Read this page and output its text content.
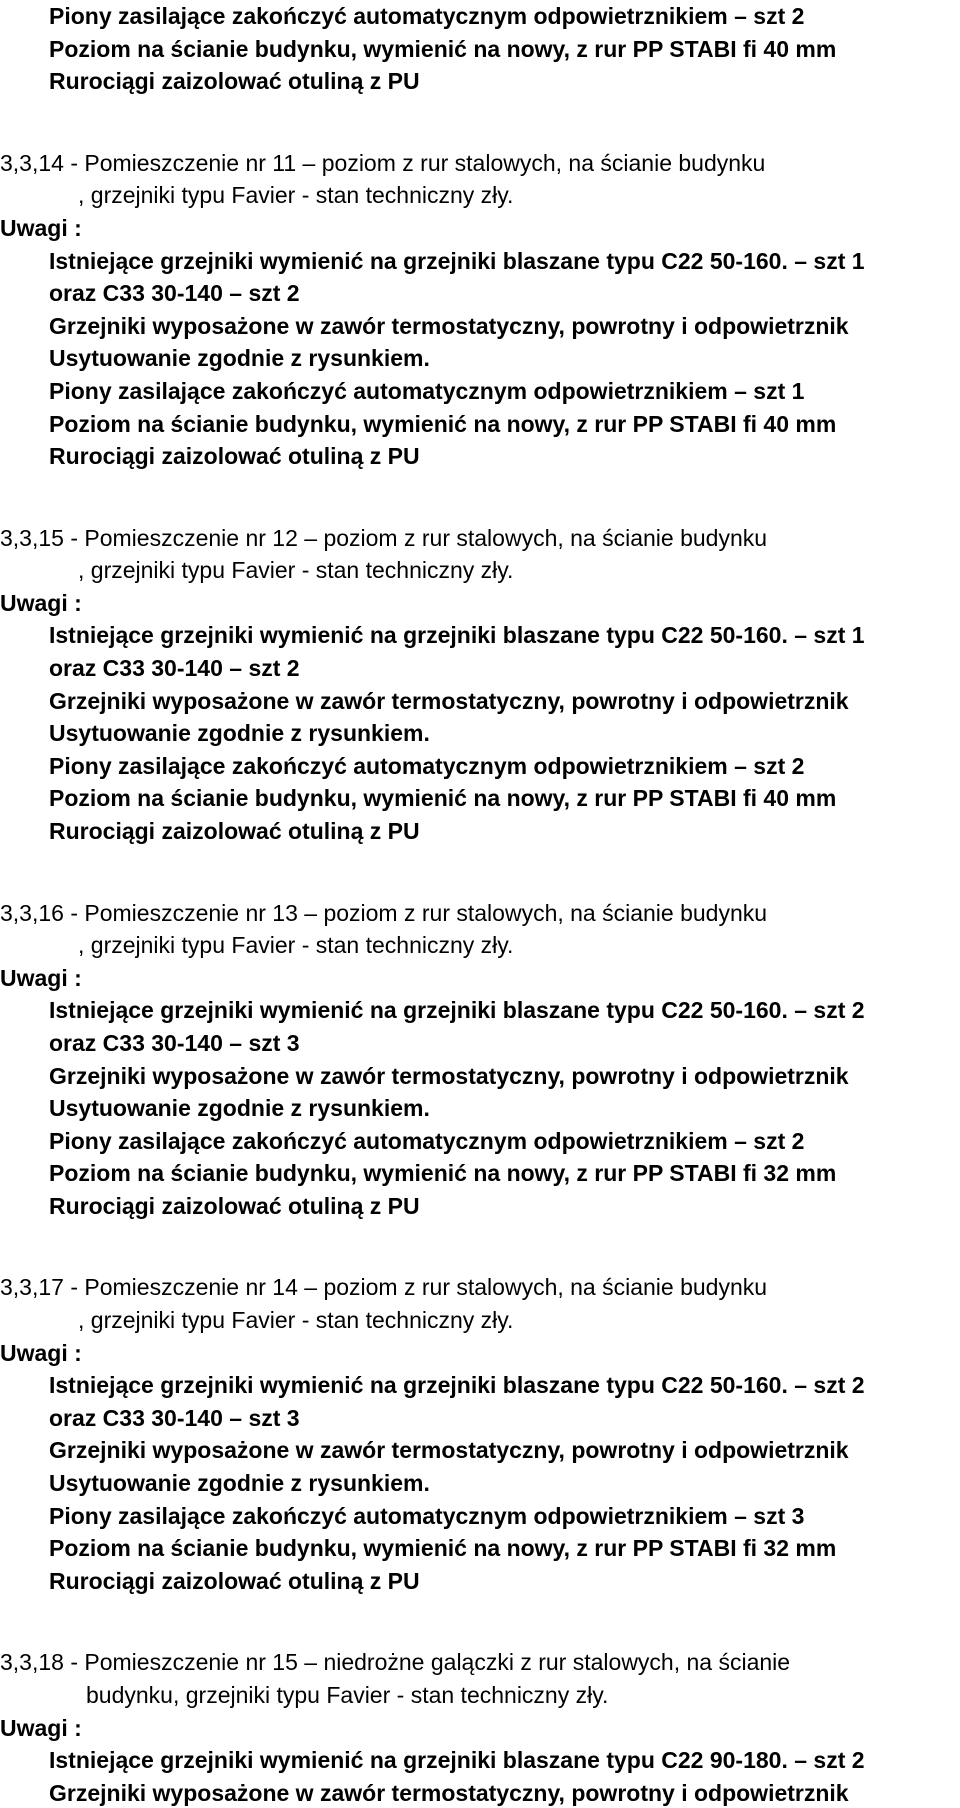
Piony zasilające zakończyć automatycznym odpowietrznikiem – szt 2
Poziom na ścianie budynku, wymienić na nowy, z rur PP STABI fi 40 mm
Rurociągi zaizolować otuliną z PU
3,3,14 - Pomieszczenie nr 11 – poziom z rur stalowych, na ścianie budynku
, grzejniki typu Favier - stan techniczny zły.
Uwagi :
Istniejące grzejniki wymienić na grzejniki blaszane typu C22 50-160. – szt 1
oraz C33 30-140 – szt 2
Grzejniki wyposażone w zawór termostatyczny, powrotny i odpowietrznik
Usytuowanie zgodnie z rysunkiem.
Piony zasilające zakończyć automatycznym odpowietrznikiem – szt 1
Poziom na ścianie budynku, wymienić na nowy, z rur PP STABI fi 40 mm
Rurociągi zaizolować otuliną z PU
3,3,15 - Pomieszczenie nr 12 – poziom z rur stalowych, na ścianie budynku
, grzejniki typu Favier - stan techniczny zły.
Uwagi :
Istniejące grzejniki wymienić na grzejniki blaszane typu C22 50-160. – szt 1
oraz C33 30-140 – szt 2
Grzejniki wyposażone w zawór termostatyczny, powrotny i odpowietrznik
Usytuowanie zgodnie z rysunkiem.
Piony zasilające zakończyć automatycznym odpowietrznikiem – szt 2
Poziom na ścianie budynku, wymienić na nowy, z rur PP STABI fi 40 mm
Rurociągi zaizolować otuliną z PU
3,3,16 - Pomieszczenie nr 13 – poziom z rur stalowych, na ścianie budynku
, grzejniki typu Favier - stan techniczny zły.
Uwagi :
Istniejące grzejniki wymienić na grzejniki blaszane typu C22 50-160. – szt 2
oraz C33 30-140 – szt 3
Grzejniki wyposażone w zawór termostatyczny, powrotny i odpowietrznik
Usytuowanie zgodnie z rysunkiem.
Piony zasilające zakończyć automatycznym odpowietrznikiem – szt 2
Poziom na ścianie budynku, wymienić na nowy, z rur PP STABI fi 32 mm
Rurociągi zaizolować otuliną z PU
3,3,17 - Pomieszczenie nr 14 – poziom z rur stalowych, na ścianie budynku
, grzejniki typu Favier - stan techniczny zły.
Uwagi :
Istniejące grzejniki wymienić na grzejniki blaszane typu C22 50-160. – szt 2
oraz C33 30-140 – szt 3
Grzejniki wyposażone w zawór termostatyczny, powrotny i odpowietrznik
Usytuowanie zgodnie z rysunkiem.
Piony zasilające zakończyć automatycznym odpowietrznikiem – szt 3
Poziom na ścianie budynku, wymienić na nowy, z rur PP STABI fi 32 mm
Rurociągi zaizolować otuliną z PU
3,3,18 - Pomieszczenie nr 15 – niedrożne galączki z rur stalowych, na ścianie
budynku, grzejniki typu Favier - stan techniczny zły.
Uwagi :
Istniejące grzejniki wymienić na grzejniki blaszane typu C22 90-180. – szt 2
Grzejniki wyposażone w zawór termostatyczny, powrotny i odpowietrznik
